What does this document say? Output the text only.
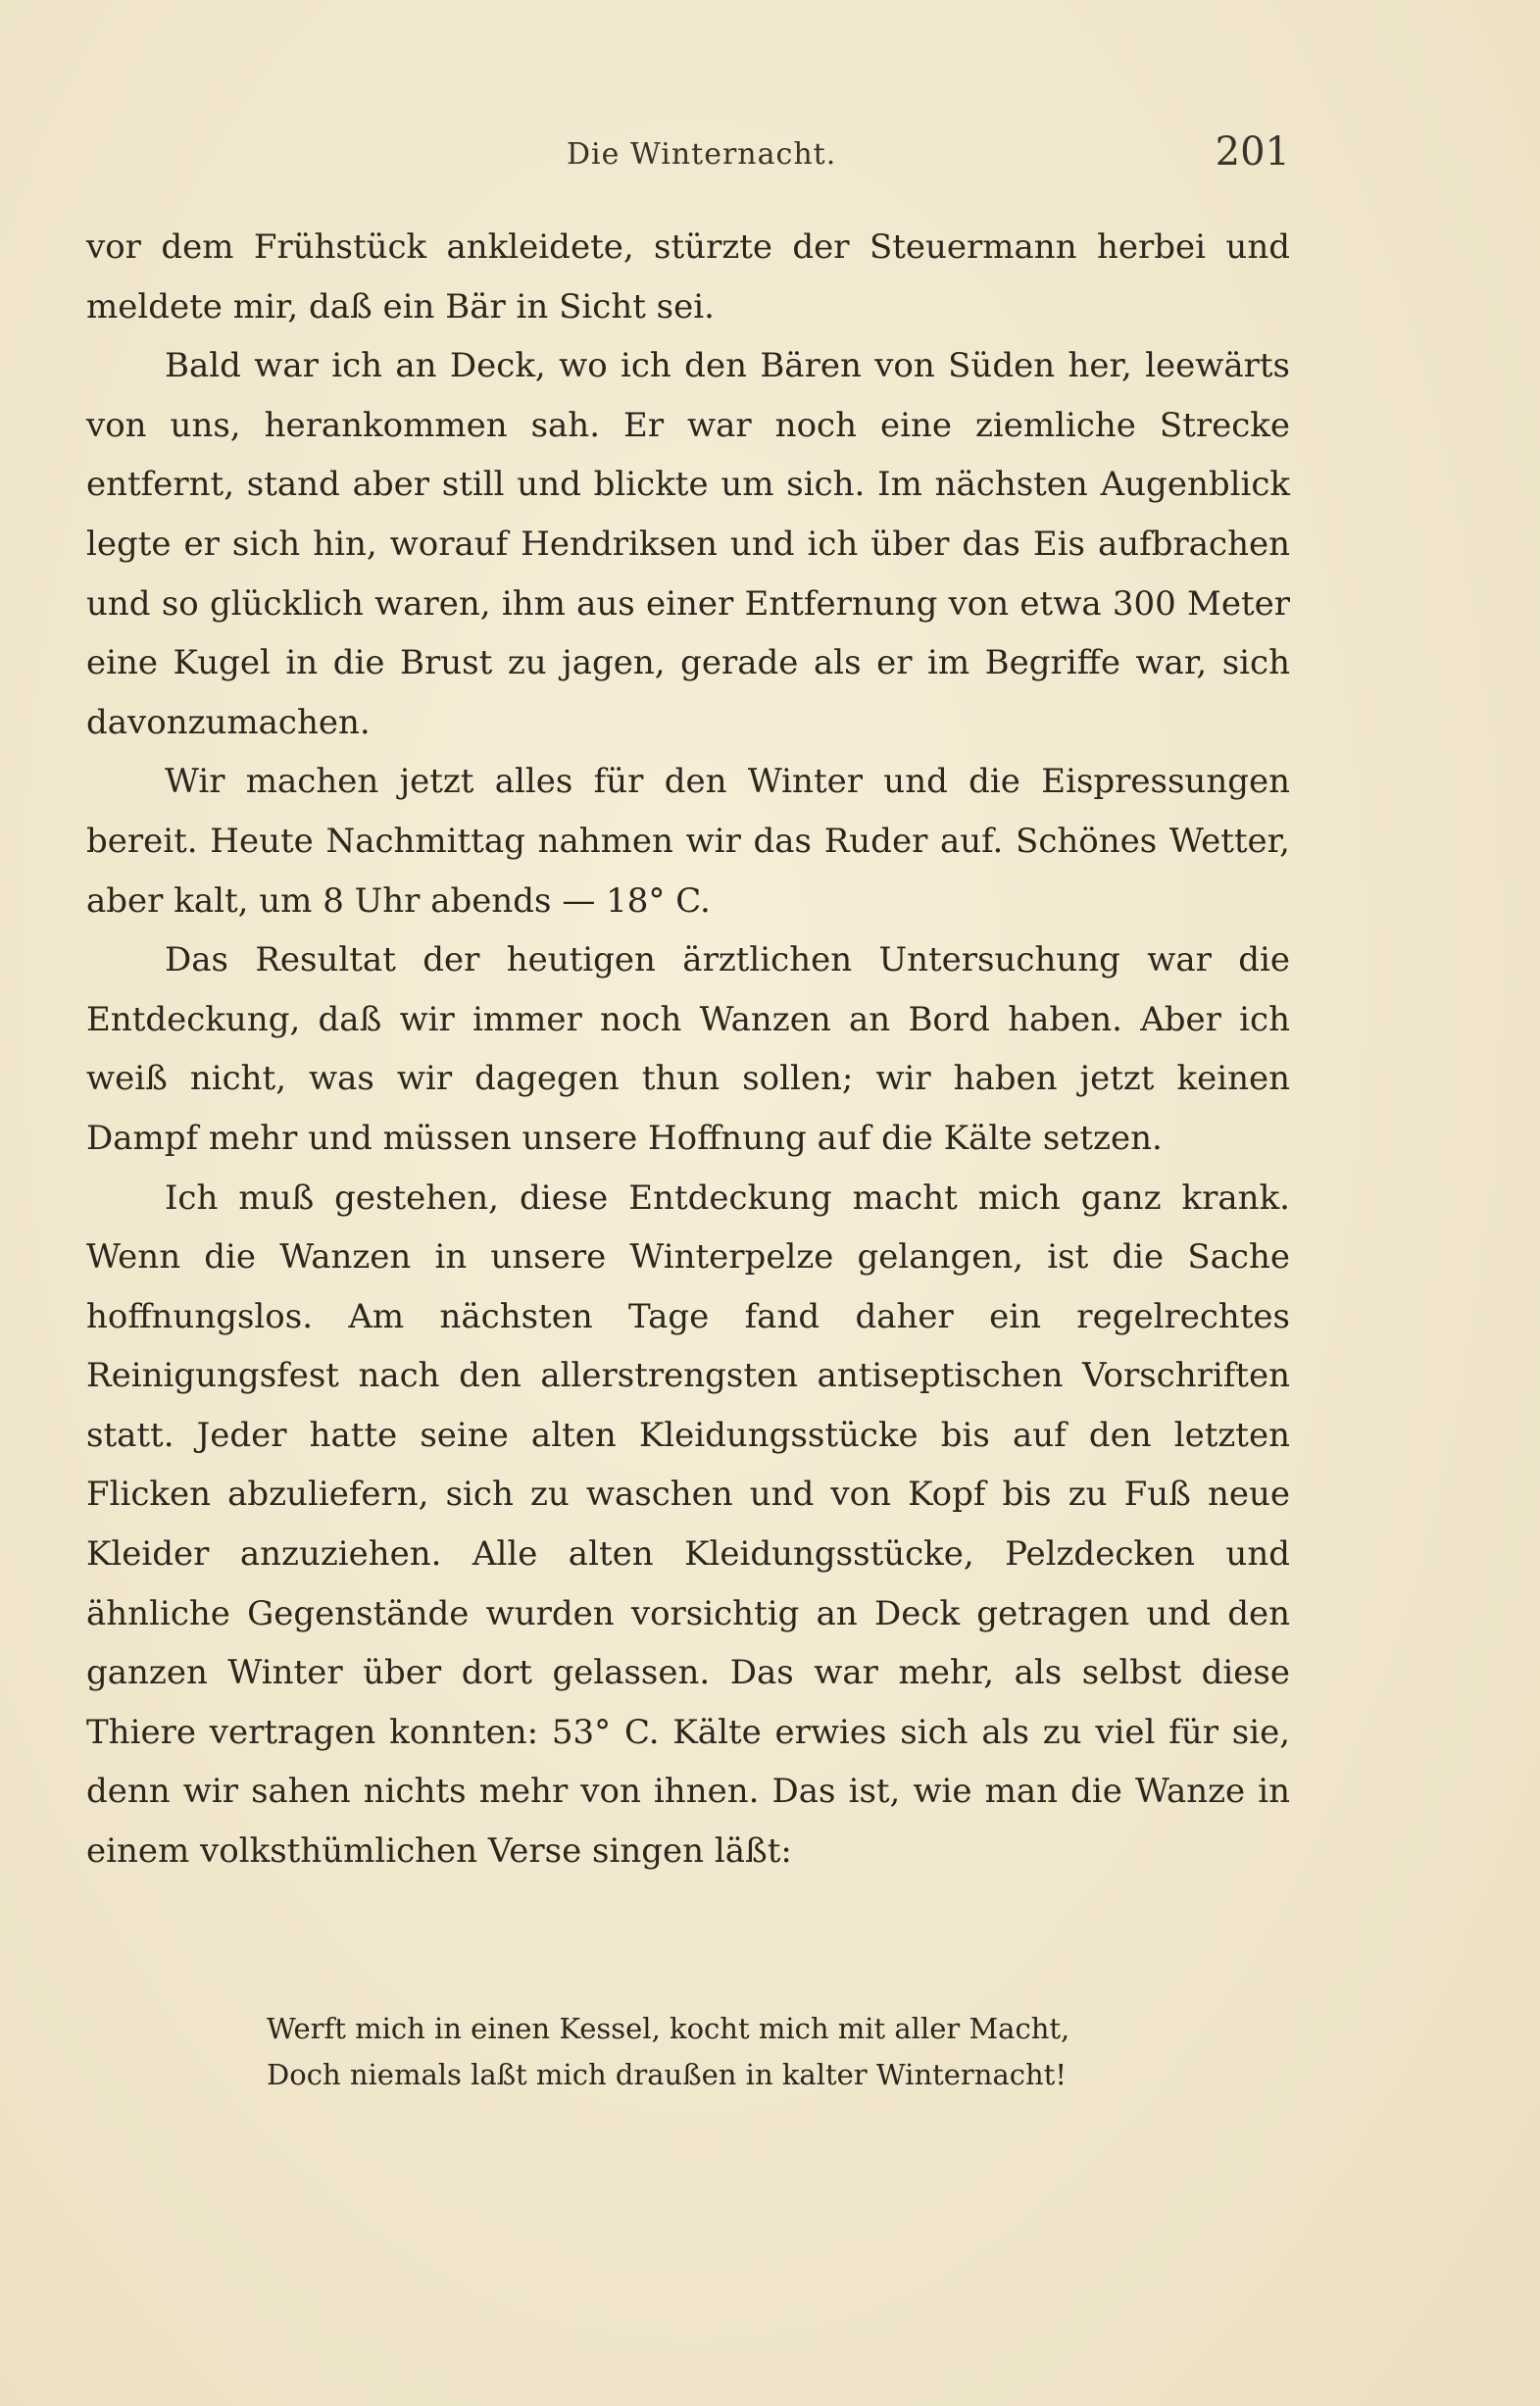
Die Winternacht.	201

vor dem Frühstück ankleidete, stürzte der Steuermann herbei und meldete mir, daß ein Bär in Sicht sei.

Bald war ich an Deck, wo ich den Bären von Süden her, leewärts von uns, herankommen sah. Er war noch eine ziemliche Strecke entfernt, stand aber still und blickte um sich. Im nächsten Augenblick legte er sich hin, worauf Hendriksen und ich über das Eis aufbrachen und so glücklich waren, ihm aus einer Entfernung von etwa 300 Meter eine Kugel in die Brust zu jagen, gerade als er im Begriffe war, sich davonzumachen.

Wir machen jetzt alles für den Winter und die Eispressungen bereit. Heute Nachmittag nahmen wir das Ruder auf. Schönes Wetter, aber kalt, um 8 Uhr abends — 18° C.

Das Resultat der heutigen ärztlichen Untersuchung war die Entdeckung, daß wir immer noch Wanzen an Bord haben. Aber ich weiß nicht, was wir dagegen thun sollen; wir haben jetzt keinen Dampf mehr und müssen unsere Hoffnung auf die Kälte setzen.

Ich muß gestehen, diese Entdeckung macht mich ganz krank. Wenn die Wanzen in unsere Winterpelze gelangen, ist die Sache hoffnungslos. Am nächsten Tage fand daher ein regelrechtes Reinigungsfest nach den allerstrengsten antiseptischen Vorschriften statt. Jeder hatte seine alten Kleidungsstücke bis auf den letzten Flicken abzuliefern, sich zu waschen und von Kopf bis zu Fuß neue Kleider anzuziehen. Alle alten Kleidungsstücke, Pelzdecken und ähnliche Gegenstände wurden vorsichtig an Deck getragen und den ganzen Winter über dort gelassen. Das war mehr, als selbst diese Thiere vertragen konnten: 53° C. Kälte erwies sich als zu viel für sie, denn wir sahen nichts mehr von ihnen. Das ist, wie man die Wanze in einem volksthümlichen Verse singen läßt:

Werft mich in einen Kessel, kocht mich mit aller Macht,
Doch niemals laßt mich draußen in kalter Winternacht!
